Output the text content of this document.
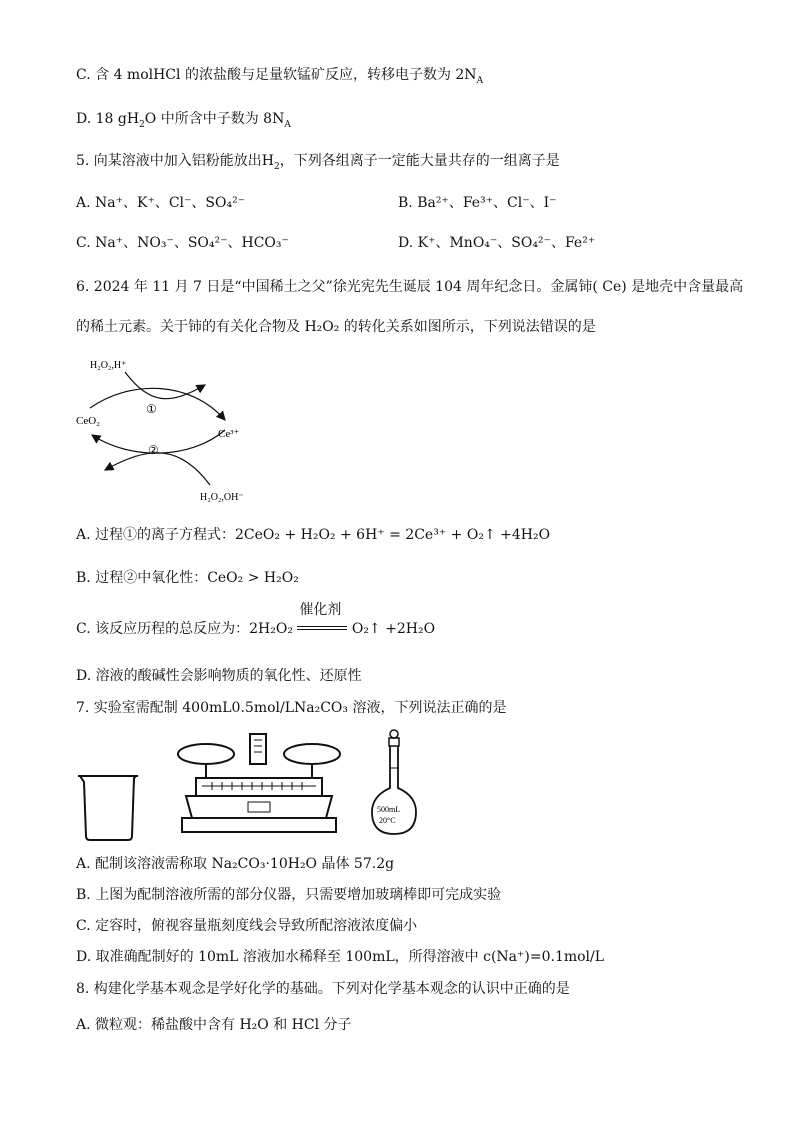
C. 含 4 molHCl 的浓盐酸与足量软锰矿反应，转移电子数为 $2N_A$
D. 18 $gH_2O$ 中所含中子数为 $8N_A$
5. 向某溶液中加入铝粉能放出$H_2$，下列各组离子一定能大量共存的一组离子是
A. Na⁺、K⁺、Cl⁻、SO₄²⁻	B. Ba²⁺、Fe³⁺、Cl⁻、I⁻
C. Na⁺、NO₃⁻、SO₄²⁻、HCO₃⁻	D. K⁺、MnO₄⁻、SO₄²⁻、Fe²⁺
6. 2024 年 11 月 7 日是“中国稀土之父”徐光宪先生诞辰 104 周年纪念日。金属铈( Ce) 是地壳中含量最高
的稀土元素。关于铈的有关化合物及 H₂O₂ 的转化关系如图所示，下列说法错误的是
H₂O₂,H⁺
①
CeO₂
Ce³⁺
②
H₂O₂,OH⁻
A. 过程①的离子方程式：2CeO₂ + H₂O₂ + 6H⁺ = 2Ce³⁺ + O₂↑ +4H₂O
B. 过程②中氧化性：CeO₂ > H₂O₂
C. 该反应历程的总反应为：2H₂O₂
催化剂
O₂↑ +2H₂O
D. 溶液的酸碱性会影响物质的氧化性、还原性
7. 实验室需配制 400mL0.5mol/LNa₂CO₃ 溶液，下列说法正确的是
500mL
20°C
A. 配制该溶液需称取 Na₂CO₃·10H₂O 晶体 57.2g
B. 上图为配制溶液所需的部分仪器，只需要增加玻璃棒即可完成实验
C. 定容时，俯视容量瓶刻度线会导致所配溶液浓度偏小
D. 取准确配制好的 10mL 溶液加水稀释至 100mL，所得溶液中 c(Na⁺)=0.1mol/L
8. 构建化学基本观念是学好化学的基础。下列对化学基本观念的认识中正确的是
A. 微粒观：稀盐酸中含有 H₂O 和 HCl 分子
